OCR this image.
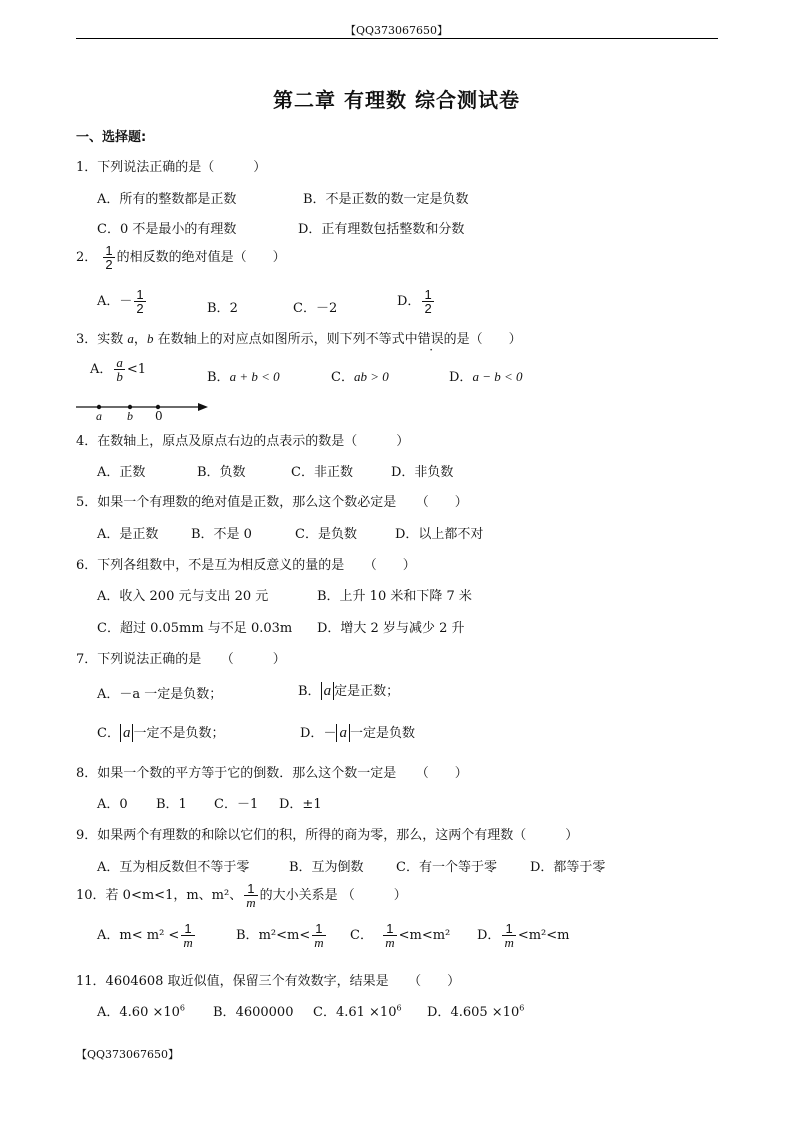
【QQ373067650】
第二章 有理数 综合测试卷
一、选择题:
1．下列说法正确的是（　　　）
A．所有的整数都是正数	B．不是正数的数一定是负数
C．0 不是最小的有理数	D．正有理数包括整数和分数
2． $\frac{1}{2}$ 的相反数的绝对值是（　　）
A．－ $\frac{1}{2}$	B．2	C．－2	D． $\frac{1}{2}$
3．实数 a，b 在数轴上的对应点如图所示，则下列不等式中错误的是（　　）
A． $\frac{a}{b} <1$
B．a + b < 0	C．ab > 0	D．a − b < 0
a b 0
4．在数轴上，原点及原点右边的点表示的数是（　　　）
A．正数	B．负数	C．非正数	D．非负数
5．如果一个有理数的绝对值是正数，那么这个数必定是　　（　　）
A．是正数	B．不是 0	C．是负数	D．以上都不对
6．下列各组数中，不是互为相反意义的量的是　　（　　）
A．收入 200 元与支出 20 元	B．上升 10 米和下降 7 米
C．超过 0.05mm 与不足 0.03m D．增大 2 岁与减少 2 升
7．下列说法正确的是　　（　　　）
A．－a 一定是负数；	B． a 定是正数；
C． a 一定不是负数；	D．－ a 一定是负数
8．如果一个数的平方等于它的倒数．那么这个数一定是　　（　　）
A．0 B．1 C．－1 D．±1
9．如果两个有理数的和除以它们的积，所得的商为零，那么，这两个有理数（　　　）
A．互为相反数但不等于零	B．互为倒数 C．有一个等于零	D．都等于零
10．若 0<m<1，m、m²、 $\frac{1}{m}$ 的大小关系是 （　　　）
A．$m< m^2 < \frac{1}{m}$	B．$m^2<m< \frac{1}{m}$ C． $\frac{1}{m} <m<m^2$ D． $\frac{1}{m} <m^2<m$
11．4604608 取近似值，保留三个有效数字，结果是　　（　　）
A．$4.60 \times 10^6$ B．4600000 C．$4.61 \times 10^6$ D．$4.605 \times 10^6$
【QQ373067650】
